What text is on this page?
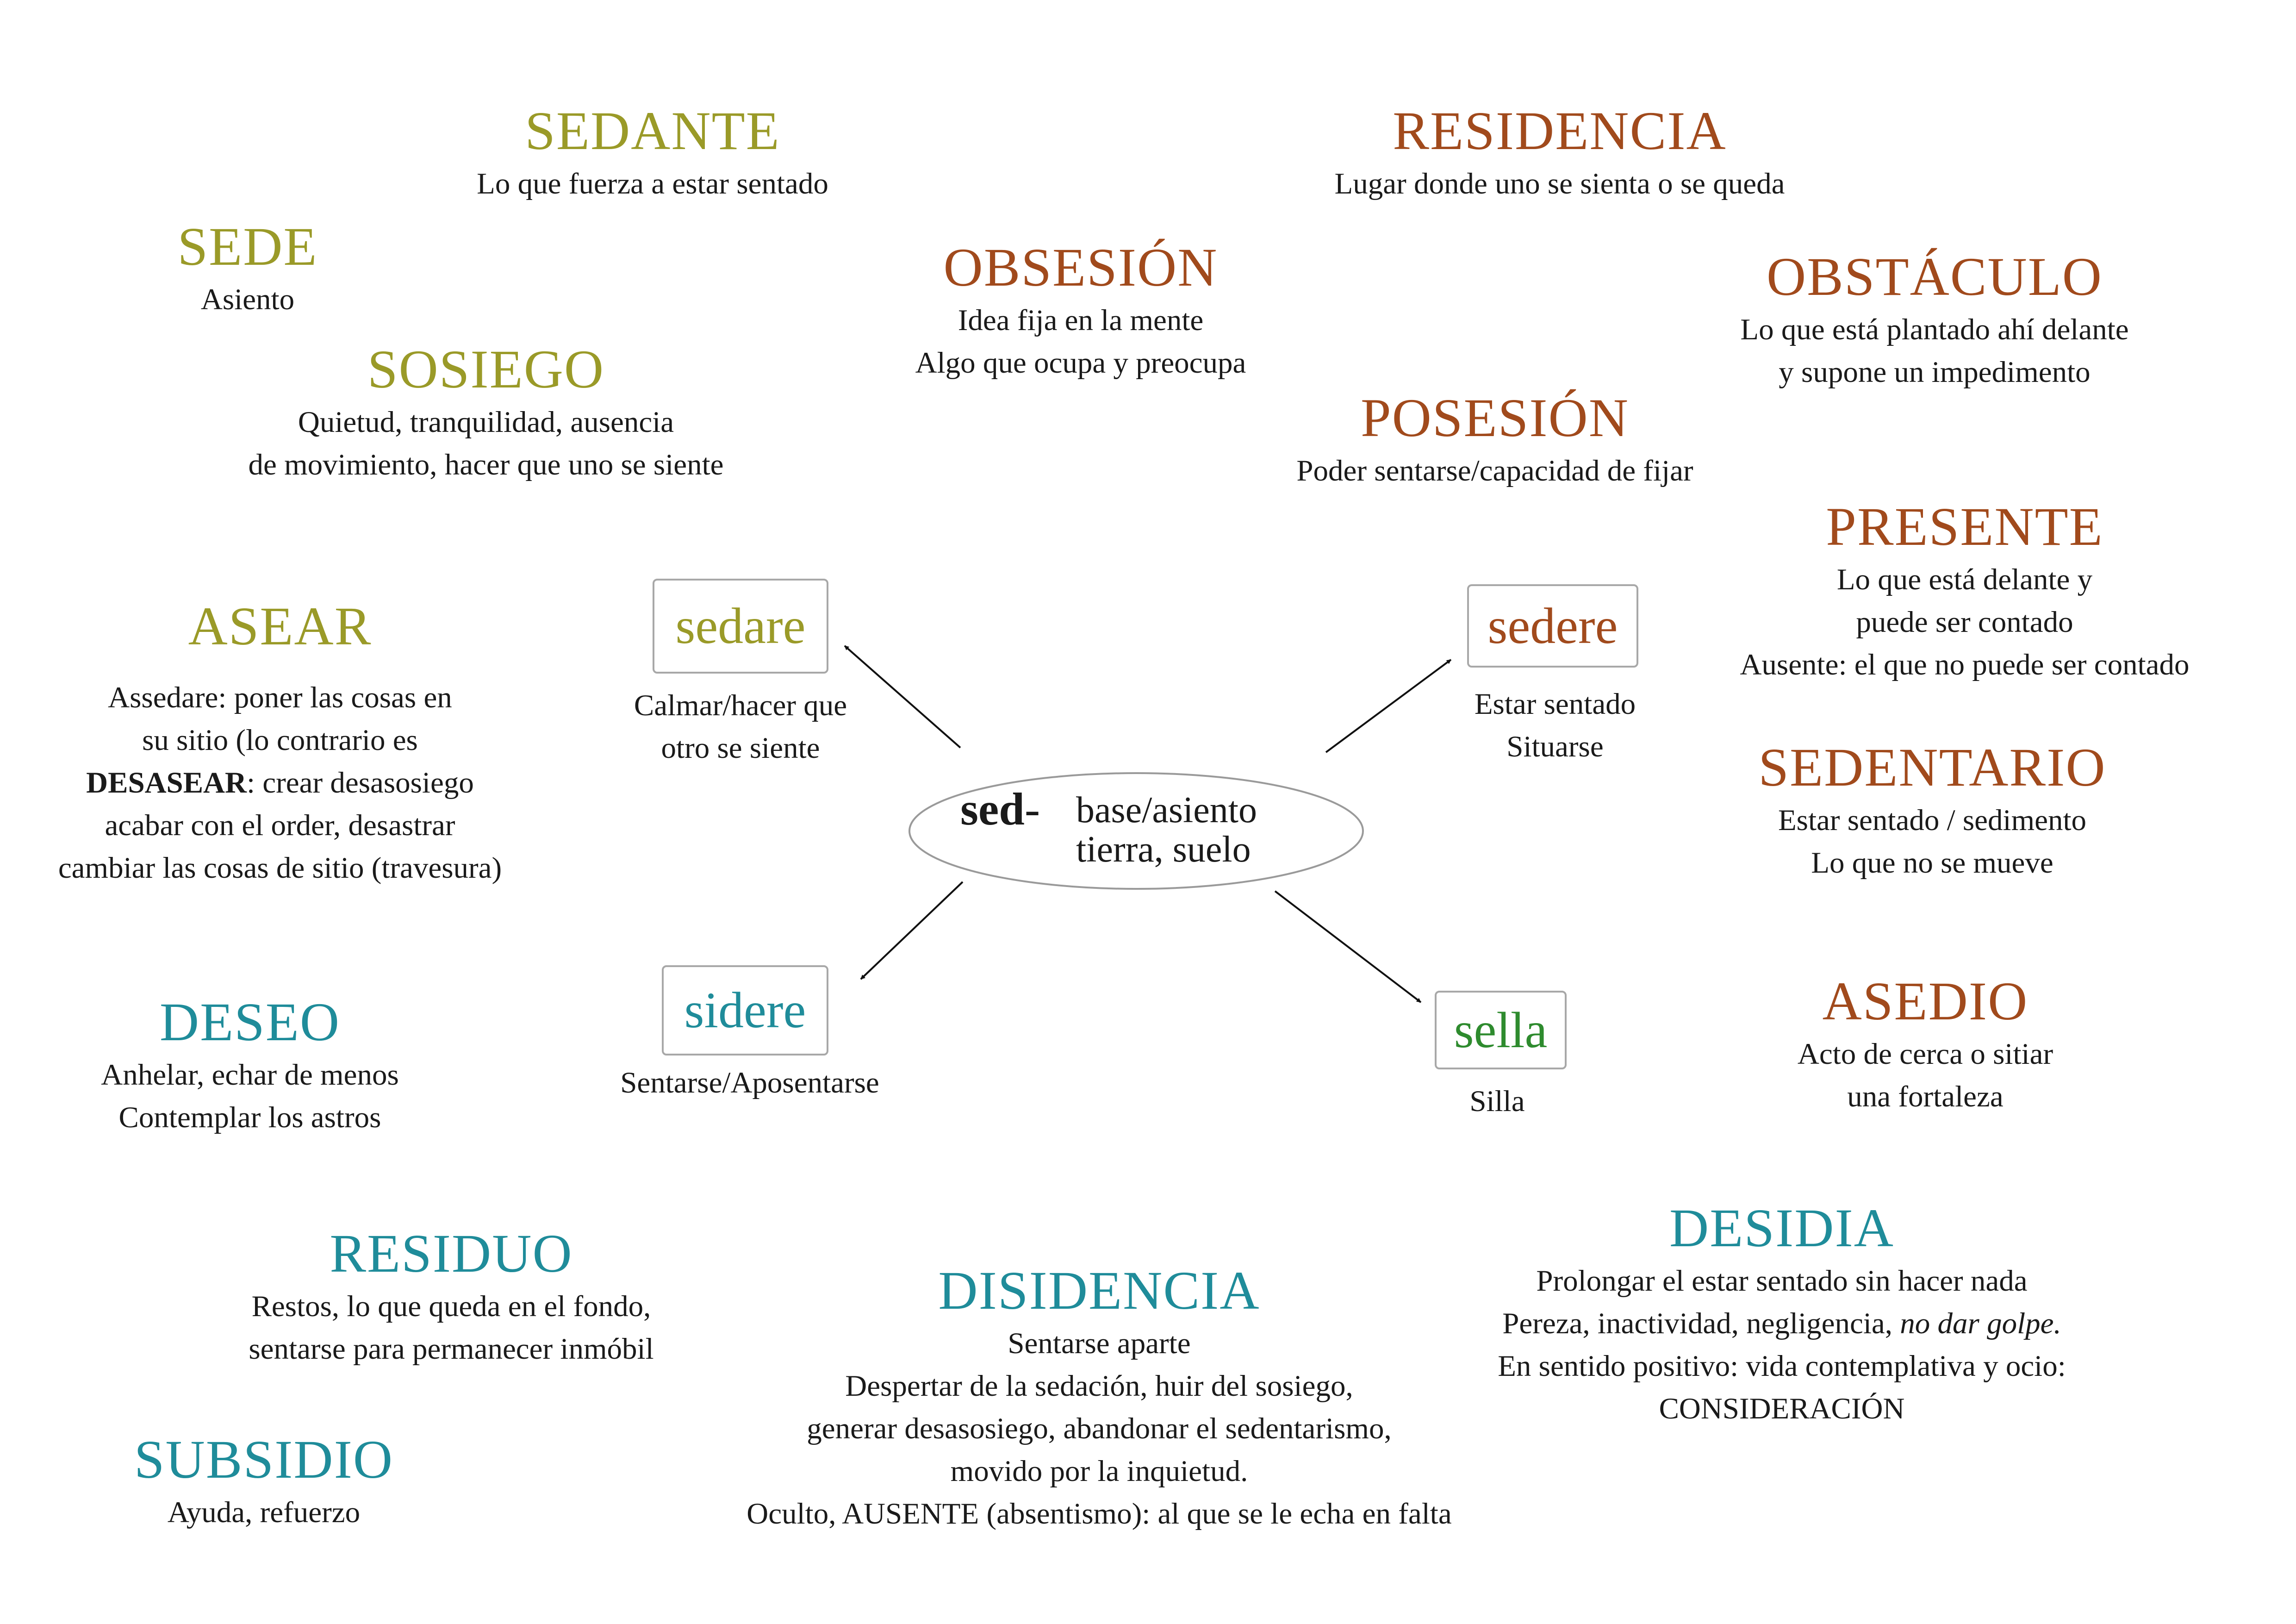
sed- base/asiento
tierra, suelo
sedare
Calmar/hacer que
otro se siente
sedere
Estar sentado
Situarse
sidere
Sentarse/Aposentarse
sella
Silla
SEDANTE
Lo que fuerza a estar sentado
SEDE
Asiento
SOSIEGO
Quietud, tranquilidad, ausencia
de movimiento, hacer que uno se siente
ASEAR
Assedare: poner las cosas en
su sitio (lo contrario es
DESASEAR: crear desasosiego
acabar con el order, desastrar
cambiar las cosas de sitio (travesura)
RESIDENCIA
Lugar donde uno se sienta o se queda
OBSESIÓN
Idea fija en la mente
Algo que ocupa y preocupa
OBSTÁCULO
Lo que está plantado ahí delante
y supone un impedimento
POSESIÓN
Poder sentarse/capacidad de fijar
PRESENTE
Lo que está delante y
puede ser contado
Ausente: el que no puede ser contado
SEDENTARIO
Estar sentado / sedimento
Lo que no se mueve
ASEDIO
Acto de cerca o sitiar
una fortaleza
DESEO
Anhelar, echar de menos
Contemplar los astros
RESIDUO
Restos, lo que queda en el fondo,
sentarse para permanecer inmóbil
SUBSIDIO
Ayuda, refuerzo
DISIDENCIA
Sentarse aparte
Despertar de la sedación, huir del sosiego,
generar desasosiego, abandonar el sedentarismo,
movido por la inquietud.
Oculto, AUSENTE (absentismo): al que se le echa en falta
DESIDIA
Prolongar el estar sentado sin hacer nada
Pereza, inactividad, negligencia, no dar golpe.
En sentido positivo: vida contemplativa y ocio:
CONSIDERACIÓN
